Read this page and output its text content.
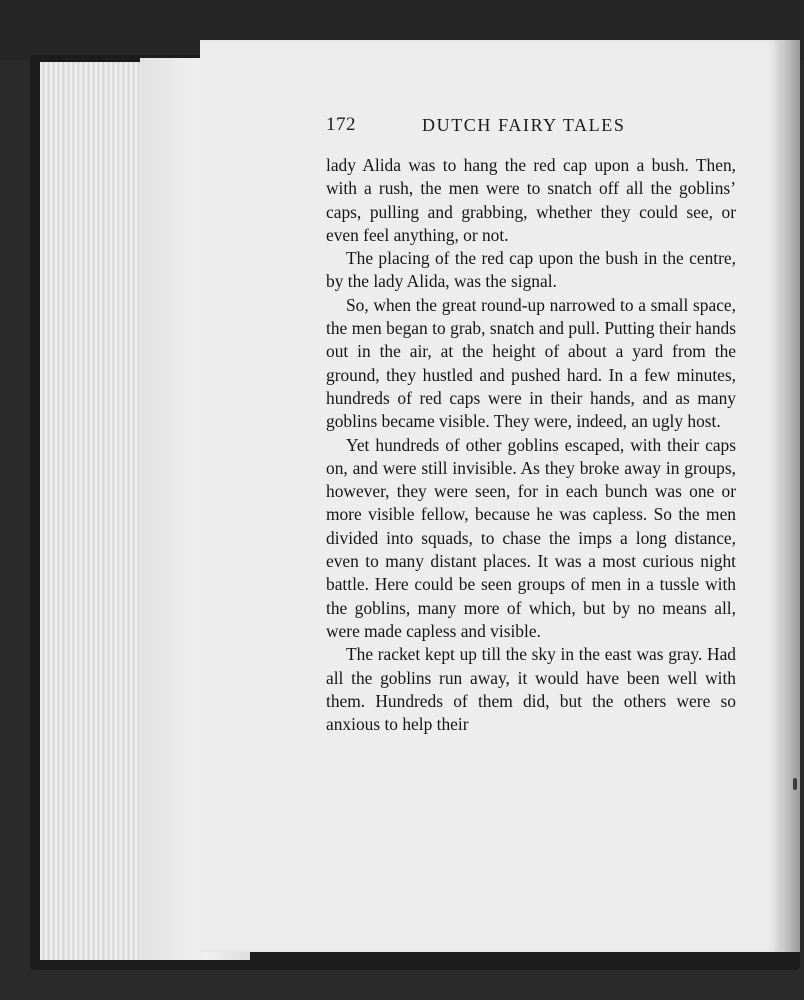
172	DUTCH FAIRY TALES

lady Alida was to hang the red cap upon a bush. Then, with a rush, the men were to snatch off all the goblins’ caps, pulling and grabbing, whether they could see, or even feel anything, or not.

The placing of the red cap upon the bush in the centre, by the lady Alida, was the signal.

So, when the great round-up narrowed to a small space, the men began to grab, snatch and pull. Putting their hands out in the air, at the height of about a yard from the ground, they hustled and pushed hard. In a few minutes, hundreds of red caps were in their hands, and as many goblins became visible. They were, indeed, an ugly host.

Yet hundreds of other goblins escaped, with their caps on, and were still invisible. As they broke away in groups, however, they were seen, for in each bunch was one or more visible fellow, because he was capless. So the men divided into squads, to chase the imps a long distance, even to many distant places. It was a most curious night battle. Here could be seen groups of men in a tussle with the goblins, many more of which, but by no means all, were made capless and visible.

The racket kept up till the sky in the east was gray. Had all the goblins run away, it would have been well with them. Hundreds of them did, but the others were so anxious to help their
